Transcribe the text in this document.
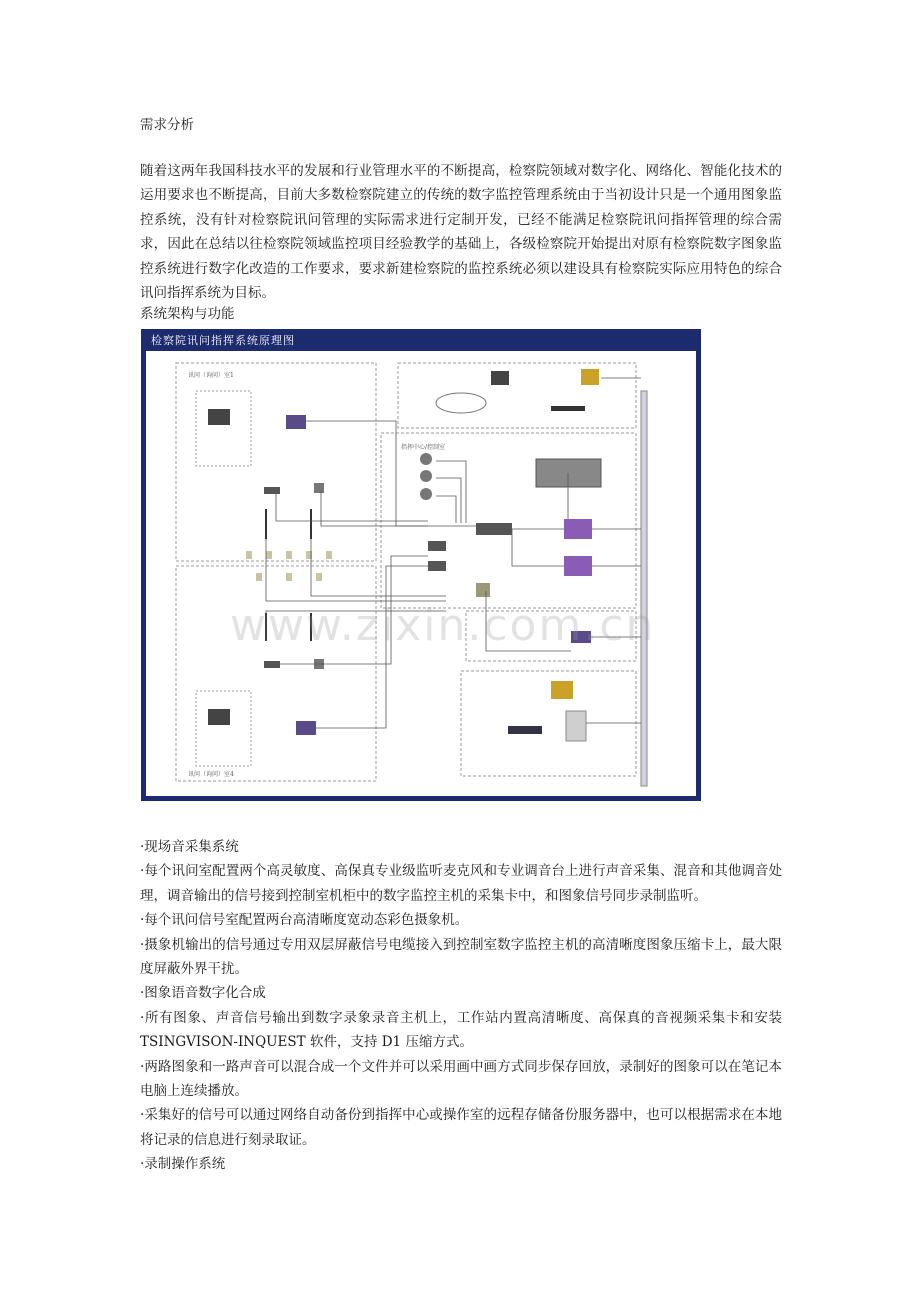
需求分析
随着这两年我国科技水平的发展和行业管理水平的不断提高，检察院领域对数字化、网络化、智能化技术的运用要求也不断提高，目前大多数检察院建立的传统的数字监控管理系统由于当初设计只是一个通用图象监控系统，没有针对检察院讯问管理的实际需求进行定制开发，已经不能满足检察院讯问指挥管理的综合需求，因此在总结以往检察院领域监控项目经验教学的基础上，各级检察院开始提出对原有检察院数字图象监控系统进行数字化改造的工作要求，要求新建检察院的监控系统必须以建设具有检察院实际应用特色的综合讯问指挥系统为目标。
系统架构与功能
检察院讯问指挥系统原理图
讯问（询问）室1
讯问（询问）室4
指挥中心/控制室
www.zixin.com.cn

·现场音采集系统

·每个讯问室配置两个高灵敏度、高保真专业级监听麦克风和专业调音台上进行声音采集、混音和其他调音处理，调音输出的信号接到控制室机柜中的数字监控主机的采集卡中，和图象信号同步录制监听。

·每个讯问信号室配置两台高清晰度宽动态彩色摄象机。

·摄象机输出的信号通过专用双层屏蔽信号电缆接入到控制室数字监控主机的高清晰度图象压缩卡上，最大限度屏蔽外界干扰。

·图象语音数字化合成

·所有图象、声音信号输出到数字录象录音主机上，工作站内置高清晰度、高保真的音视频采集卡和安装 TSINGVISON-INQUEST 软件，支持 D1 压缩方式。

·两路图象和一路声音可以混合成一个文件并可以采用画中画方式同步保存回放，录制好的图象可以在笔记本电脑上连续播放。

·采集好的信号可以通过网络自动备份到指挥中心或操作室的远程存储备份服务器中，也可以根据需求在本地将记录的信息进行刻录取证。

·录制操作系统
